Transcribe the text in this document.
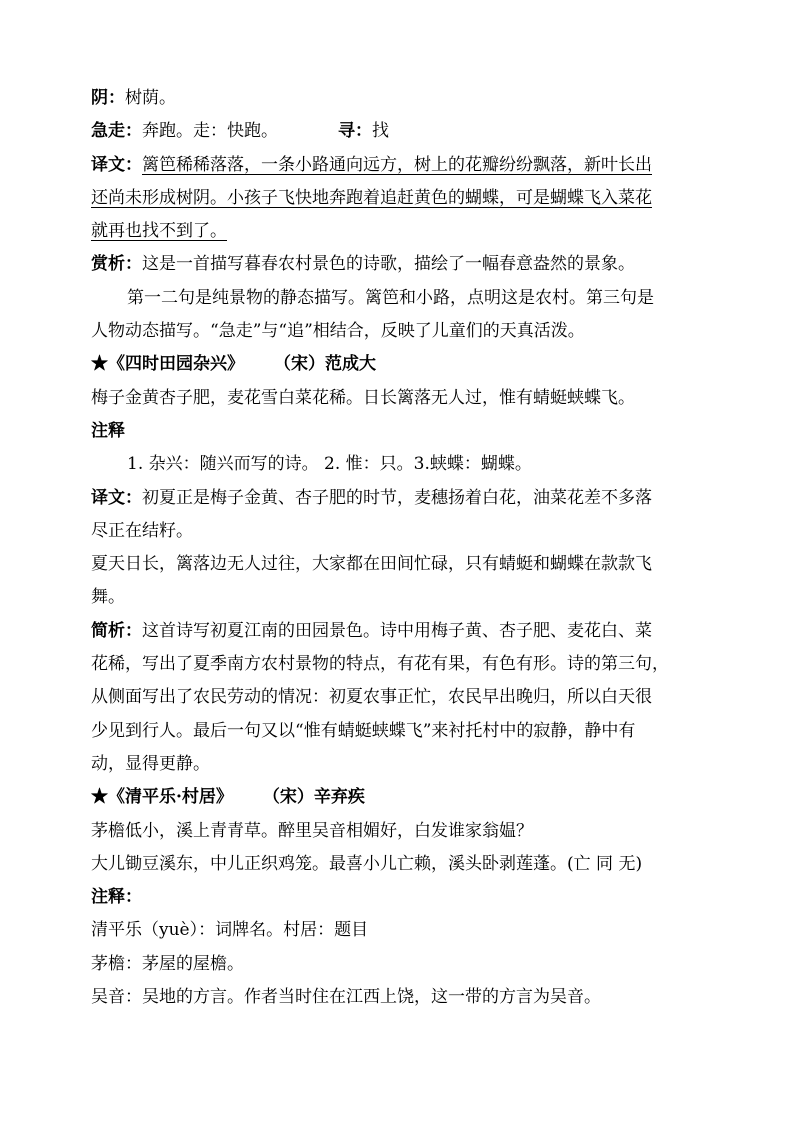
阴：树荫。
急走：奔跑。走：快跑。	寻：找
译文：篱笆稀稀落落，一条小路通向远方，树上的花瓣纷纷飘落，新叶长出
还尚未形成树阴。小孩子飞快地奔跑着追赶黄色的蝴蝶，可是蝴蝶飞入菜花
就再也找不到了。
赏析：这是一首描写暮春农村景色的诗歌，描绘了一幅春意盎然的景象。
第一二句是纯景物的静态描写。篱笆和小路，点明这是农村。第三句是
人物动态描写。“急走”与“追”相结合，反映了儿童们的天真活泼。
★《四时田园杂兴》 （宋）范成大
梅子金黄杏子肥，麦花雪白菜花稀。日长篱落无人过，惟有蜻蜓蛱蝶飞。
注释
1. 杂兴：随兴而写的诗。 2. 惟：只。3.蛱蝶：蝴蝶。
译文：初夏正是梅子金黄、杏子肥的时节，麦穗扬着白花，油菜花差不多落
尽正在结籽。
夏天日长，篱落边无人过往，大家都在田间忙碌，只有蜻蜓和蝴蝶在款款飞
舞。
简析：这首诗写初夏江南的田园景色。诗中用梅子黄、杏子肥、麦花白、菜
花稀，写出了夏季南方农村景物的特点，有花有果，有色有形。诗的第三句，
从侧面写出了农民劳动的情况：初夏农事正忙，农民早出晚归，所以白天很
少见到行人。最后一句又以“惟有蜻蜓蛱蝶飞”来衬托村中的寂静，静中有
动，显得更静。
★《清平乐·村居》 （宋）辛弃疾
茅檐低小，溪上青青草。醉里吴音相媚好，白发谁家翁媪？
大儿锄豆溪东，中儿正织鸡笼。最喜小儿亡赖，溪头卧剥莲蓬。(亡 同 无)
注释：
清平乐（yuè）：词牌名。村居：题目
茅檐：茅屋的屋檐。
吴音：吴地的方言。作者当时住在江西上饶，这一带的方言为吴音。
